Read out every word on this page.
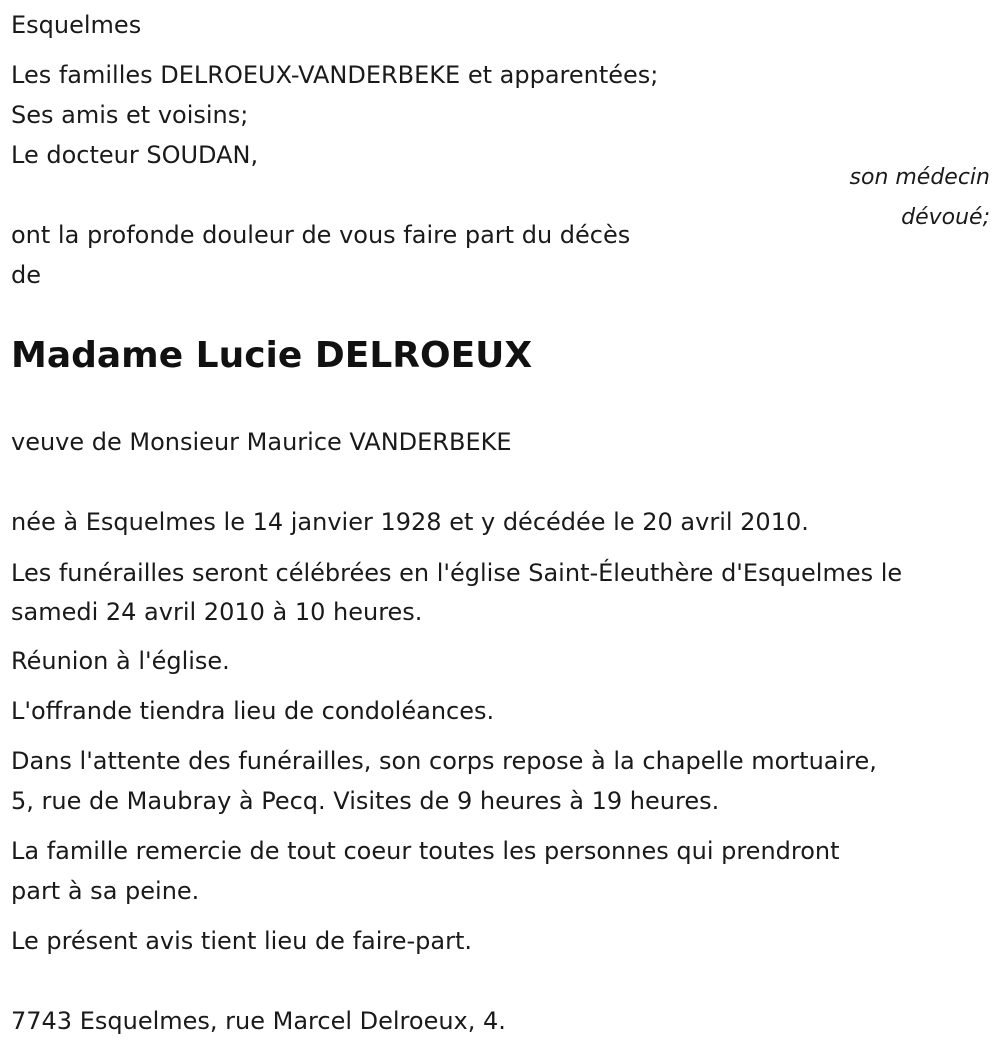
Esquelmes
Les familles DELROEUX-VANDERBEKE et apparentées;
Ses amis et voisins;
Le docteur SOUDAN,
son médecin
dévoué;
ont la profonde douleur de vous faire part du décès
de
Madame Lucie DELROEUX
veuve de Monsieur Maurice VANDERBEKE
née à Esquelmes le 14 janvier 1928 et y décédée le 20 avril 2010.
Les funérailles seront célébrées en l'église Saint-Éleuthère d'Esquelmes le
samedi 24 avril 2010 à 10 heures.
Réunion à l'église.
L'offrande tiendra lieu de condoléances.
Dans l'attente des funérailles, son corps repose à la chapelle mortuaire,
5, rue de Maubray à Pecq. Visites de 9 heures à 19 heures.
La famille remercie de tout coeur toutes les personnes qui prendront
part à sa peine.
Le présent avis tient lieu de faire-part.
7743 Esquelmes, rue Marcel Delroeux, 4.
